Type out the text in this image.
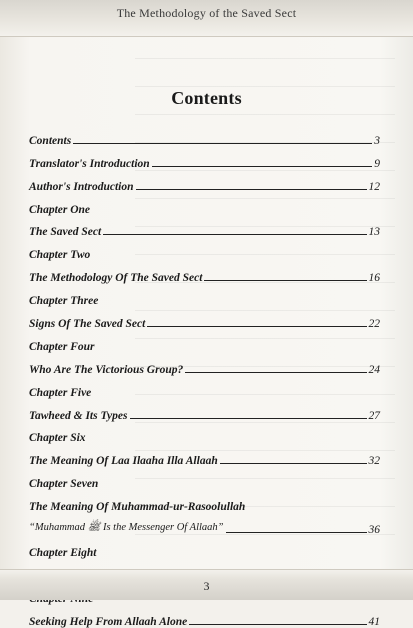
The Methodology of the Saved Sect
Contents
Contents	3
Translator's Introduction	9
Author's Introduction	12
Chapter One
The Saved Sect	13
Chapter Two
The Methodology Of The Saved Sect	16
Chapter Three
Signs Of The Saved Sect	22
Chapter Four
Who Are The Victorious Group?	24
Chapter Five
Tawheed & Its Types	27
Chapter Six
The Meaning Of Laa Ilaaha Illa Allaah	32
Chapter Seven
The Meaning Of Muhammad-ur-Rasoolullah
“Muhammad ﷺ Is the Messenger Of Allaah”	36
Chapter Eight
Seeking Help From Allaah Alone	41
3
